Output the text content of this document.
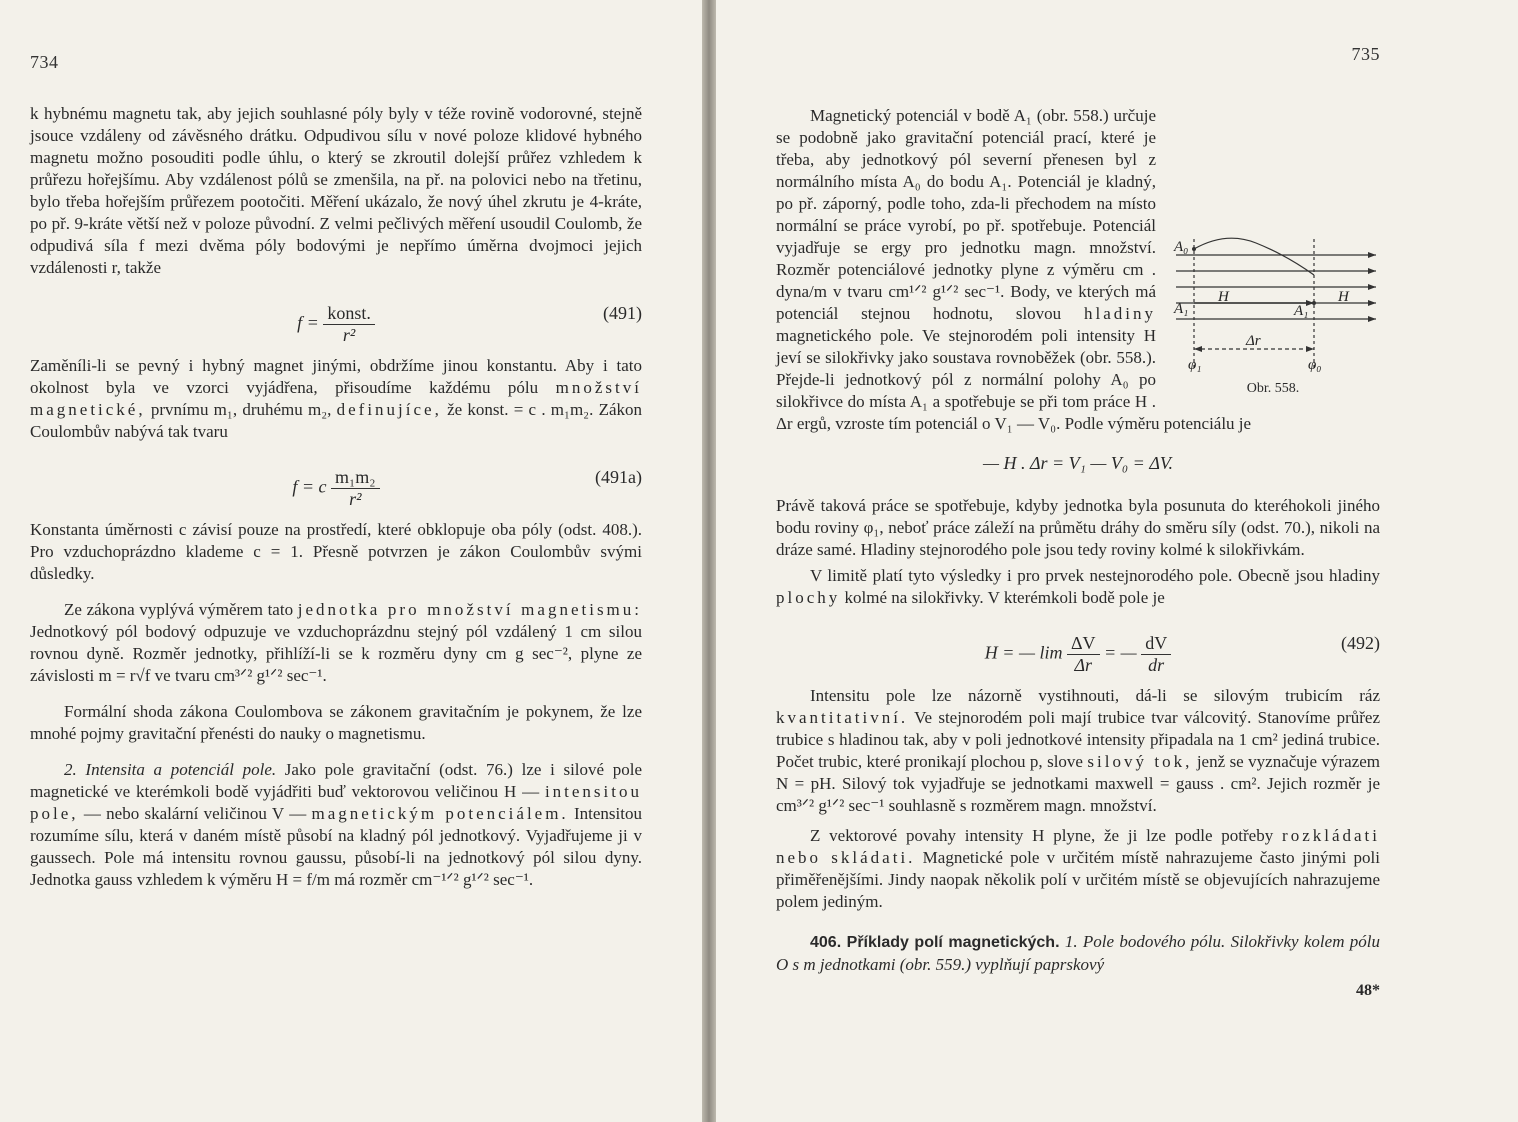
734

k hybnému magnetu tak, aby jejich souhlasné póly byly v téže rovině vodorovné, stejně jsouce vzdáleny od závěsného drátku. Odpudivou sílu v nové poloze klidové hybného magnetu možno posouditi podle úhlu, o který se zkroutil dolejší průřez vzhledem k průřezu hořejšímu. Aby vzdálenost pólů se zmenšila, na př. na polovici nebo na třetinu, bylo třeba hořejším průřezem pootočiti. Měření ukázalo, že nový úhel zkrutu je 4-kráte, po př. 9-kráte větší než v poloze původní. Z velmi pečlivých měření usoudil Coulomb, že odpudivá síla f mezi dvěma póly bodovými je nepřímo úměrna dvojmoci jejich vzdálenosti r, takže

$f = \frac{\text{konst.}}{\text{r²}}$	(491)

Zaměníli-li se pevný i hybný magnet jinými, obdržíme jinou konstantu. Aby i tato okolnost byla ve vzorci vyjádřena, přisoudíme každému pólu množství magnetické, prvnímu m₁, druhému m₂, definujíce, že konst. = c . m₁m₂. Zákon Coulombův nabývá tak tvaru

f = c $\frac{\text{m₁m₂}}{\text{r²}}$	(491a)

Konstanta úměrnosti c závisí pouze na prostředí, které obklopuje oba póly (odst. 408.). Pro vzduchoprázdno klademe c = 1. Přesně potvrzen je zákon Coulombův svými důsledky.

Ze zákona vyplývá výměrem tato jednotka pro množství magnetismu: Jednotkový pól bodový odpuzuje ve vzduchoprázdnu stejný pól vzdálený 1 cm silou rovnou dyně. Rozměr jednotky, přihlíží-li se k rozměru dyny cm g sec⁻², plyne ze závislosti m = r√f ve tvaru cm³ᐟ² g¹ᐟ² sec⁻¹.

Formální shoda zákona Coulombova se zákonem gravitačním je pokynem, že lze mnohé pojmy gravitační přenésti do nauky o magnetismu.

2. Intensita a potenciál pole. Jako pole gravitační (odst. 76.) lze i silové pole magnetické ve kterémkoli bodě vyjádřiti buď vektorovou veličinou H — intensitou pole, — nebo skalární veličinou V — magnetickým potenciálem. Intensitou rozumíme sílu, která v daném místě působí na kladný pól jednotkový. Vyjadřujeme ji v gaussech. Pole má intensitu rovnou gaussu, působí-li na jednotkový pól silou dyny. Jednotka gauss vzhledem k výměru H = f/m má rozměr cm⁻¹ᐟ² g¹ᐟ² sec⁻¹.

735
A₀
A₁
H
A₁
H
Δr
φ₁	φ₀
Obr. 558.

Magnetický potenciál v bodě A₁ (obr. 558.) určuje se podobně jako gravitační potenciál prací, které je třeba, aby jednotkový pól severní přenesen byl z normálního místa A₀ do bodu A₁. Potenciál je kladný, po př. záporný, podle toho, zda-li přechodem na místo normální se práce vyrobí, po př. spotřebuje. Potenciál vyjadřuje se ergy pro jednotku magn. množství. Rozměr potenciálové jednotky plyne z výměru cm . dyna/m v tvaru cm¹ᐟ² g¹ᐟ² sec⁻¹. Body, ve kterých má potenciál stejnou hodnotu, slovou hladiny magnetického pole. Ve stejnorodém poli intensity H jeví se silokřivky jako soustava rovnoběžek (obr. 558.). Přejde-li jednotkový pól z normální polohy A₀ po silokřivce do místa A₁ a spotřebuje se při tom práce H . Δr ergů, vzroste tím potenciál o V₁ — V₀. Podle výměru potenciálu je

— H . Δr = V₁ — V₀ = ΔV.

Právě taková práce se spotřebuje, kdyby jednotka byla posunuta do kteréhokoli jiného bodu roviny φ₁, neboť práce záleží na průmětu dráhy do směru síly (odst. 70.), nikoli na dráze samé. Hladiny stejnorodého pole jsou tedy roviny kolmé k silokřivkám.

V limitě platí tyto výsledky i pro prvek nestejnorodého pole. Obecně jsou hladiny plochy kolmé na silokřivky. V kterémkoli bodě pole je

H = — $\lim \frac{\Delta V}{\Delta r}$ = — $\frac{dV}{dr}$	(492)

Intensitu pole lze názorně vystihnouti, dá-li se silovým trubicím ráz kvantitativní. Ve stejnorodém poli mají trubice tvar válcovitý. Stanovíme průřez trubice s hladinou tak, aby v poli jednotkové intensity připadala na 1 cm² jediná trubice. Počet trubic, které pronikají plochou p, slove silový tok, jenž se vyznačuje výrazem N = pH. Silový tok vyjadřuje se jednotkami maxwell = gauss . cm². Jejich rozměr je cm³ᐟ² g¹ᐟ² sec⁻¹ souhlasně s rozměrem magn. množství.

Z vektorové povahy intensity H plyne, že ji lze podle potřeby rozkládati nebo skládati. Magnetické pole v určitém místě nahrazujeme často jinými poli přiměřenějšími. Jindy naopak několik polí v určitém místě se objevujících nahrazujeme polem jediným.

406. Příklady polí magnetických. 1. Pole bodového pólu. Silokřivky kolem pólu O s m jednotkami (obr. 559.) vyplňují paprskový

48*
